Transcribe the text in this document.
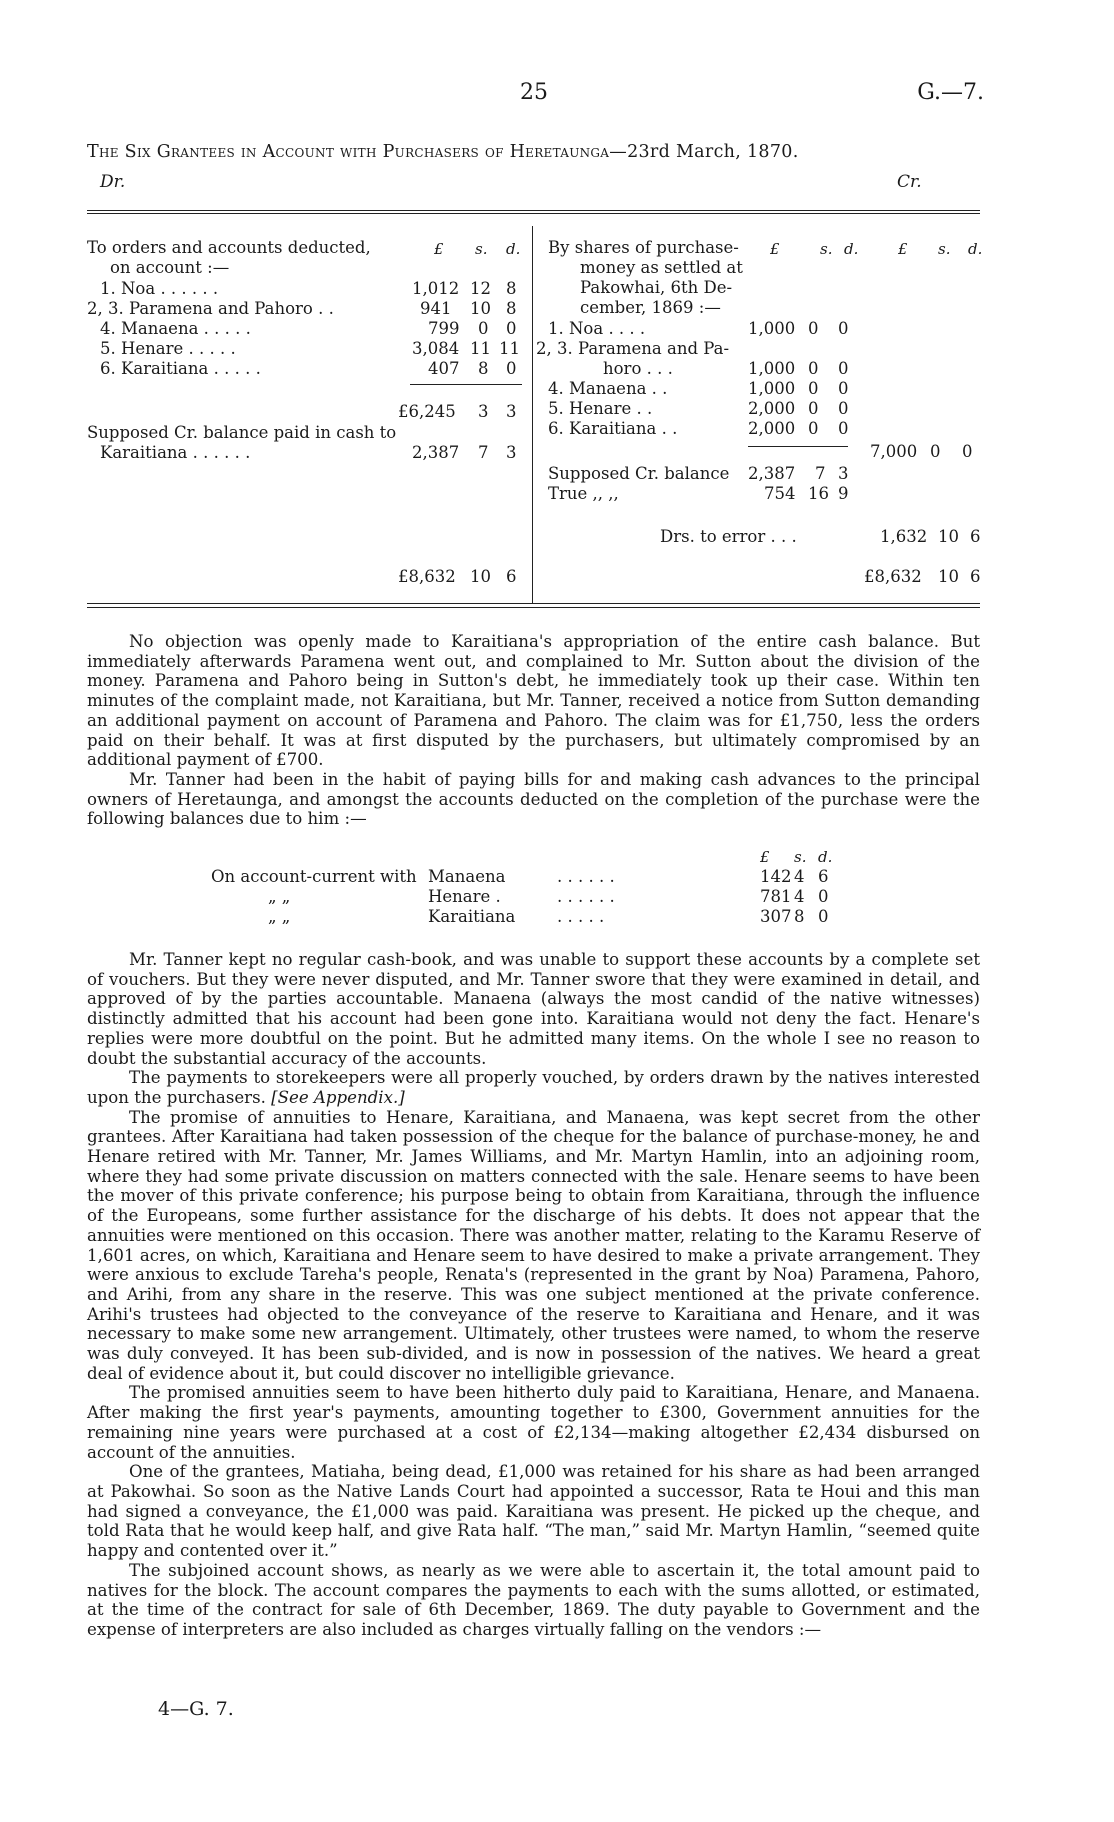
25	G.—7.
The Six Grantees in Account with Purchasers of Heretaunga—23rd March, 1870.
Dr.	Cr.
To orders and accounts deducted,
on account :—
£ s. d.
1. Noa . . . . . .	1,012 12 8
2, 3. Paramena and Pahoro . .	941 10 8
4. Manaena . . . . .	799 0 0
5. Henare . . . . .	3,084 11 11
6. Karaitiana . . . . .	407 8 0
£6,245 3 3
Supposed Cr. balance paid in cash to
Karaitiana . . . . . .	2,387 7 3
£8,632 10 6
By shares of purchase-
money as settled at
Pakowhai, 6th De-
cember, 1869 :—
£	s. d.	£ s. d.
1. Noa . . . .	1,000 0 0
2, 3. Paramena and Pa-
horo . . .	1,000 0 0
4. Manaena . .	1,000 0 0
5. Henare . .	2,000 0 0
6. Karaitiana . .	2,000 0 0
7,000 0 0
Supposed Cr. balance 2,387 7 3
True ,, ,,	754 16 9
Drs. to error . . .	1,632 10 6
£8,632 10 6

No objection was openly made to Karaitiana's appropriation of the entire cash balance. But immediately afterwards Paramena went out, and complained to Mr. Sutton about the division of the money. Paramena and Pahoro being in Sutton's debt, he immediately took up their case. Within ten minutes of the complaint made, not Karaitiana, but Mr. Tanner, received a notice from Sutton demanding an additional payment on account of Paramena and Pahoro. The claim was for £1,750, less the orders paid on their behalf. It was at first disputed by the purchasers, but ultimately compromised by an additional payment of £700.

Mr. Tanner had been in the habit of paying bills for and making cash advances to the principal owners of Heretaunga, and amongst the accounts deducted on the completion of the purchase were the following balances due to him :—

£ s. d.
On account-current with Manaena	. . . . . .	142 4 6
„ „	Henare .	. . . . . .	781 4 0
„ „	Karaitiana	. . . . .	307 8 0

Mr. Tanner kept no regular cash-book, and was unable to support these accounts by a complete set of vouchers. But they were never disputed, and Mr. Tanner swore that they were examined in detail, and approved of by the parties accountable. Manaena (always the most candid of the native witnesses) distinctly admitted that his account had been gone into. Karaitiana would not deny the fact. Henare's replies were more doubtful on the point. But he admitted many items. On the whole I see no reason to doubt the substantial accuracy of the accounts.

The payments to storekeepers were all properly vouched, by orders drawn by the natives interested upon the purchasers. [See Appendix.]

The promise of annuities to Henare, Karaitiana, and Manaena, was kept secret from the other grantees. After Karaitiana had taken possession of the cheque for the balance of purchase-money, he and Henare retired with Mr. Tanner, Mr. James Williams, and Mr. Martyn Hamlin, into an adjoining room, where they had some private discussion on matters connected with the sale. Henare seems to have been the mover of this private conference; his purpose being to obtain from Karaitiana, through the influence of the Europeans, some further assistance for the discharge of his debts. It does not appear that the annuities were mentioned on this occasion. There was another matter, relating to the Karamu Reserve of 1,601 acres, on which, Karaitiana and Henare seem to have desired to make a private arrangement. They were anxious to exclude Tareha's people, Renata's (represented in the grant by Noa) Paramena, Pahoro, and Arihi, from any share in the reserve. This was one subject mentioned at the private conference. Arihi's trustees had objected to the conveyance of the reserve to Karaitiana and Henare, and it was necessary to make some new arrangement. Ultimately, other trustees were named, to whom the reserve was duly conveyed. It has been sub-divided, and is now in possession of the natives. We heard a great deal of evidence about it, but could discover no intelligible grievance.

The promised annuities seem to have been hitherto duly paid to Karaitiana, Henare, and Manaena. After making the first year's payments, amounting together to £300, Government annuities for the remaining nine years were purchased at a cost of £2,134—making altogether £2,434 disbursed on account of the annuities.

One of the grantees, Matiaha, being dead, £1,000 was retained for his share as had been arranged at Pakowhai. So soon as the Native Lands Court had appointed a successor, Rata te Houi and this man had signed a conveyance, the £1,000 was paid. Karaitiana was present. He picked up the cheque, and told Rata that he would keep half, and give Rata half. “The man,” said Mr. Martyn Hamlin, “seemed quite happy and contented over it.”

The subjoined account shows, as nearly as we were able to ascertain it, the total amount paid to natives for the block. The account compares the payments to each with the sums allotted, or estimated, at the time of the contract for sale of 6th December, 1869. The duty payable to Government and the expense of interpreters are also included as charges virtually falling on the vendors :—

4—G. 7.
